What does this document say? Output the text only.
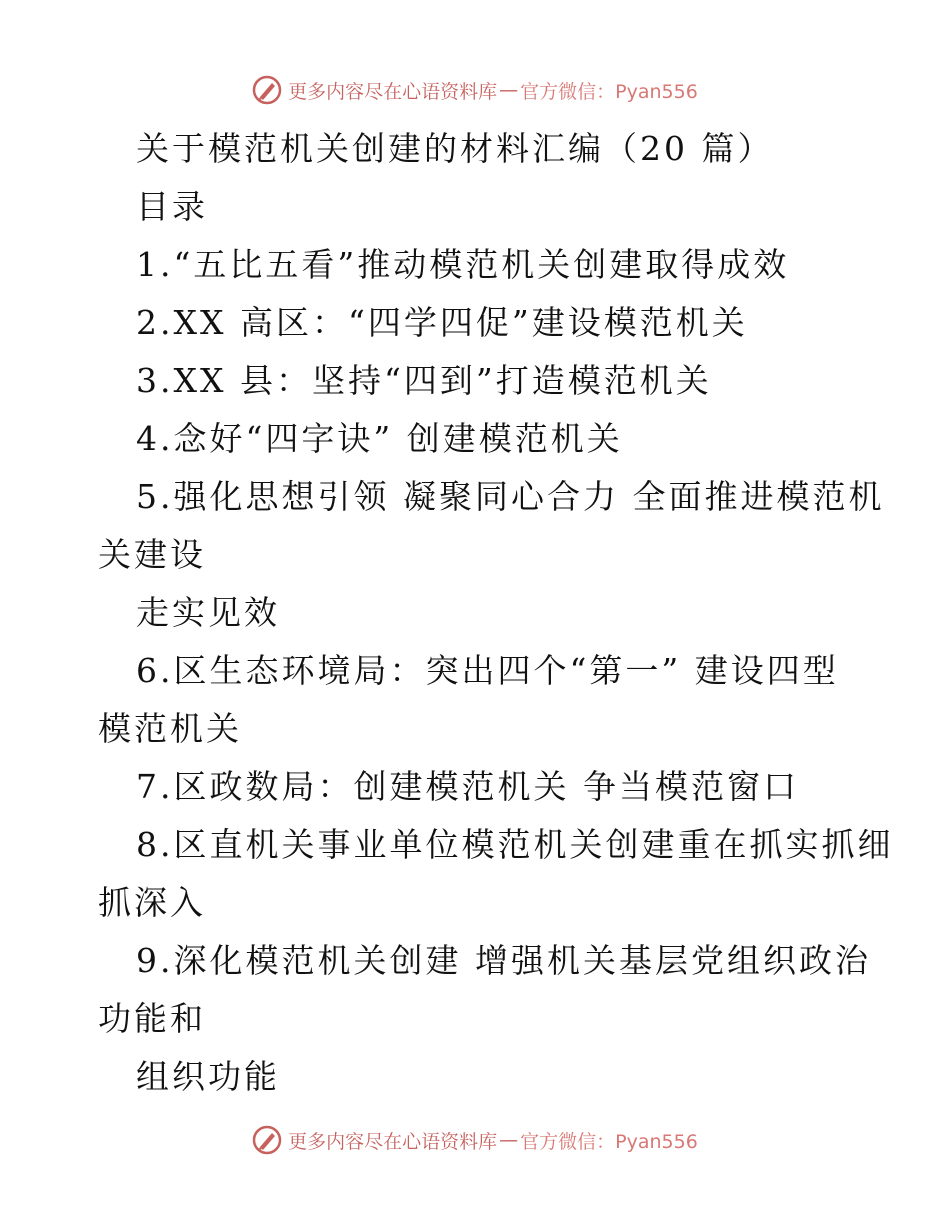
更多内容尽在心语资料库 — 官方微信：Pyan556
关于模范机关创建的材料汇编（20 篇）
目录
1.“五比五看”推动模范机关创建取得成效
2.XX 高区：“四学四促”建设模范机关
3.XX 县：坚持“四到”打造模范机关
4.念好“四字诀” 创建模范机关
5.强化思想引领 凝聚同心合力 全面推进模范机
关建设
走实见效
6.区生态环境局：突出四个“第一” 建设四型
模范机关
7.区政数局：创建模范机关 争当模范窗口
8.区直机关事业单位模范机关创建重在抓实抓细
抓深入
9.深化模范机关创建 增强机关基层党组织政治
功能和
组织功能
更多内容尽在心语资料库 — 官方微信：Pyan556
